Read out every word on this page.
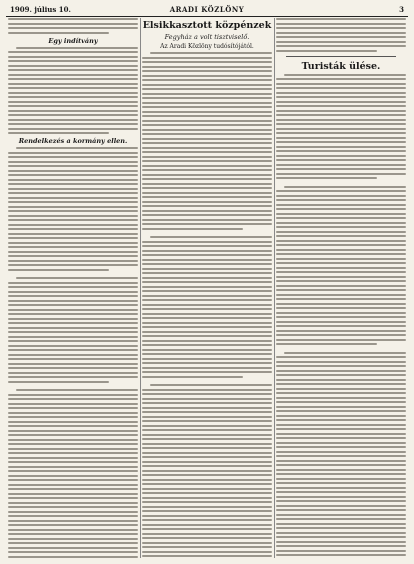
1909. július 10.	ARADI KÖZLÖNY	3
Egy indítvány
Rendelkezés a kormány ellen.
Elsikkasztott közpénzek
Fegyház a volt tisztviselő.
Az Aradi Közlöny tudósítójától.
Turisták ülése.
